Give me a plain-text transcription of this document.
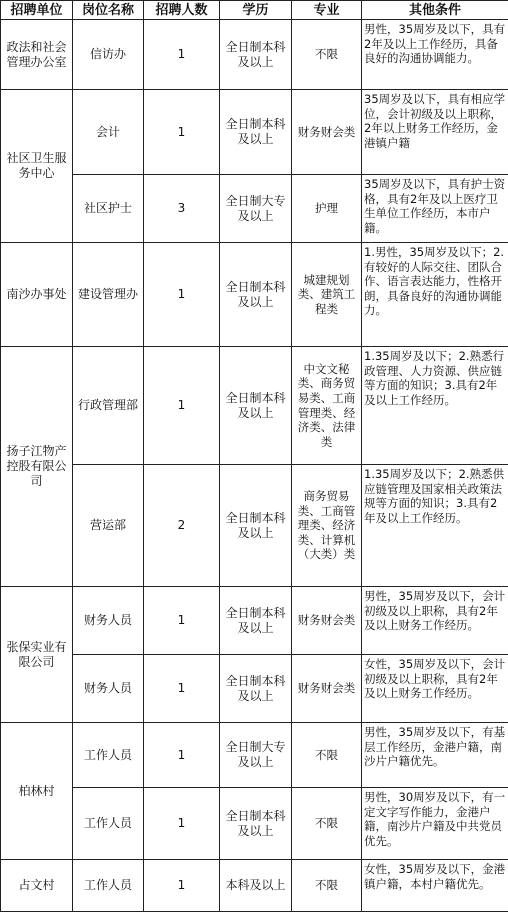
招聘单位	岗位名称	招聘人数	学历	专业	其他条件
政法和社会管理办公室	信访办	1	全日制本科及以上	不限	男性，35周岁及以下，具有2年及以上工作经历，具备良好的沟通协调能力。
社区卫生服务中心	会计	1	全日制本科及以上	财务财会类	35周岁及以下，具有相应学位，会计初级及以上职称，2年以上财务工作经历，金港镇户籍
	社区护士	3	全日制大专及以上	护理	35周岁及以下，具有护士资格，具有2年及以上医疗卫生单位工作经历，本市户籍。
南沙办事处	建设管理办	1	全日制本科及以上	城建规划类、建筑工程类	1.男性，35周岁及以下；2.有较好的人际交往、团队合作、语言表达能力，性格开朗，具备良好的沟通协调能力。
扬子江物产控股有限公司	行政管理部	1	全日制本科及以上	中文文秘类、商务贸易类、工商管理类、经济类、法律类	1.35周岁及以下；2.熟悉行政管理、人力资源、供应链等方面的知识；3.具有2年及以上工作经历。
	营运部	2	全日制本科及以上	商务贸易类、工商管理类、经济类、计算机（大类）类	1.35周岁及以下；2.熟悉供应链管理及国家相关政策法规等方面的知识；3.具有2年及以上工作经历。
张保实业有限公司	财务人员	1	全日制本科及以上	财务财会类	男性，35周岁及以下，会计初级及以上职称，具有2年及以上财务工作经历。
	财务人员	1	全日制本科及以上	财务财会类	女性，35周岁及以下，会计初级及以上职称，具有2年及以上财务工作经历。
柏林村	工作人员	1	全日制大专及以上	不限	男性，35周岁及以下，有基层工作经历，金港户籍，南沙片户籍优先。
	工作人员	1	全日制本科及以上	不限	男性，30周岁及以下，有一定文字写作能力，金港户籍，南沙片户籍及中共党员优先。
占文村	工作人员	1	本科及以上	不限	女性，35周岁及以下，金港镇户籍，本村户籍优先。
